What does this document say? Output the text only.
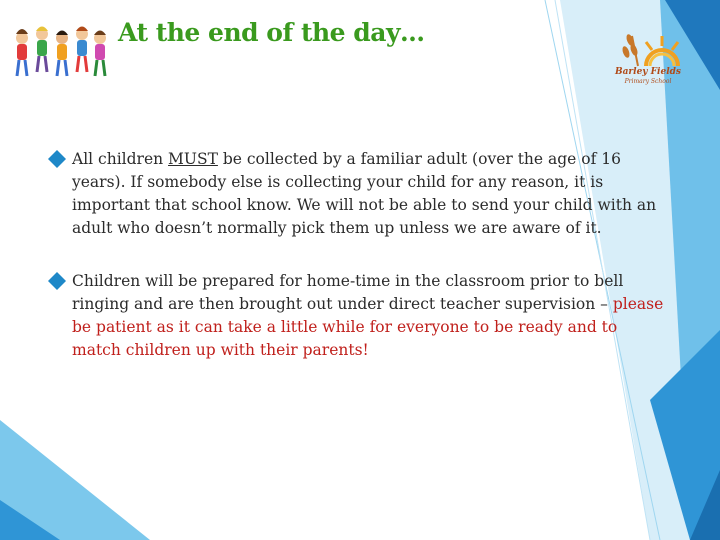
At the end of the day…
Barley Fields
Primary School

All children MUST be collected by a familiar adult (over the age of 16 years). If somebody else is collecting your child for any reason, it is important that school know. We will not be able to send your child with an adult who doesn’t normally pick them up unless we are aware of it.

Children will be prepared for home-time in the classroom prior to bell ringing and are then brought out under direct teacher supervision – please be patient as it can take a little while for everyone to be ready and to match children up with their parents!
